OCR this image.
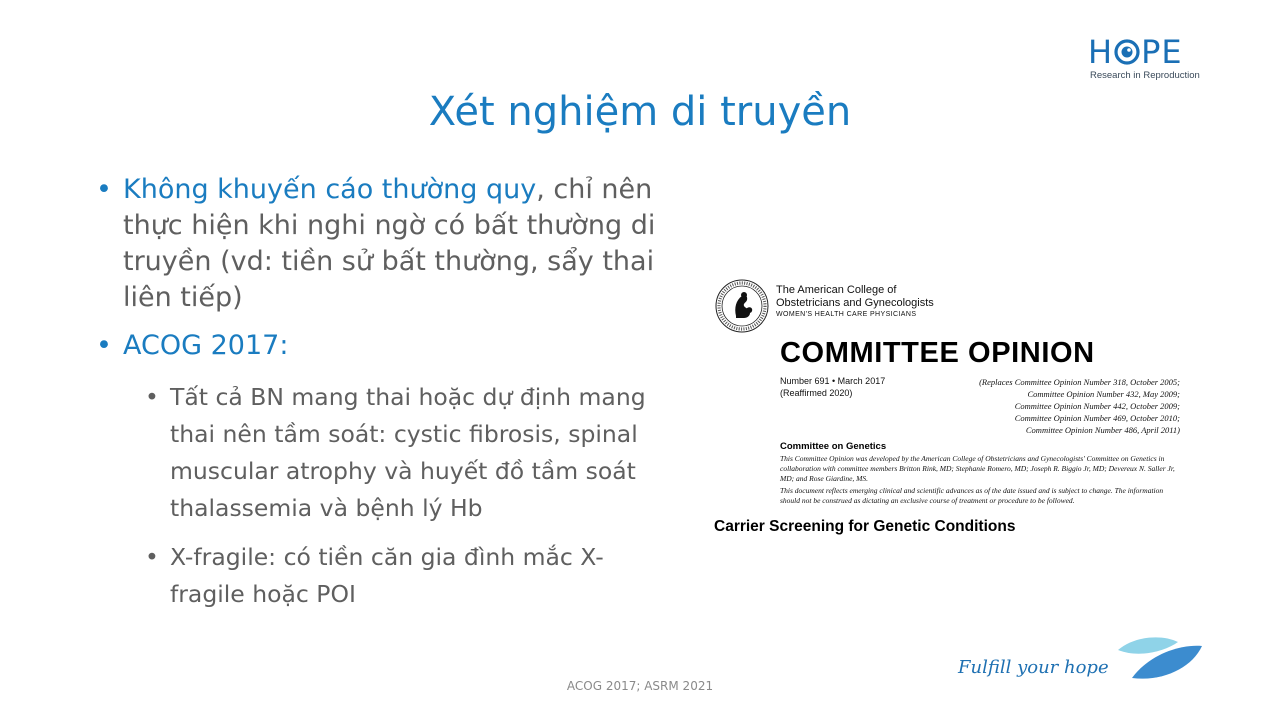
H PE
Research in Reproduction
Xét nghiệm di truyền
• Không khuyến cáo thường quy, chỉ nên thực hiện khi nghi ngờ có bất thường di truyền (vd: tiền sử bất thường, sẩy thai liên tiếp)
• ACOG 2017:
• Tất cả BN mang thai hoặc dự định mang thai nên tầm soát: cystic fibrosis, spinal muscular atrophy và huyết đồ tầm soát thalassemia và bệnh lý Hb
• X-fragile: có tiền căn gia đình mắc X-fragile hoặc POI
The American College of
Obstetricians and Gynecologists
WOMEN'S HEALTH CARE PHYSICIANS
COMMITTEE OPINION
Number 691 • March 2017
(Reaffirmed 2020)
(Replaces Committee Opinion Number 318, October 2005;
Committee Opinion Number 432, May 2009;
Committee Opinion Number 442, October 2009;
Committee Opinion Number 469, October 2010;
Committee Opinion Number 486, April 2011)
Committee on Genetics
This Committee Opinion was developed by the American College of Obstetricians and Gynecologists' Committee on Genetics in collaboration with committee members Britton Rink, MD; Stephanie Romero, MD; Joseph R. Biggio Jr, MD; Devereux N. Saller Jr, MD; and Rose Giardine, MS.
This document reflects emerging clinical and scientific advances as of the date issued and is subject to change. The information should not be construed as dictating an exclusive course of treatment or procedure to be followed.
Carrier Screening for Genetic Conditions
ACOG 2017; ASRM 2021
Fulfill your hope
